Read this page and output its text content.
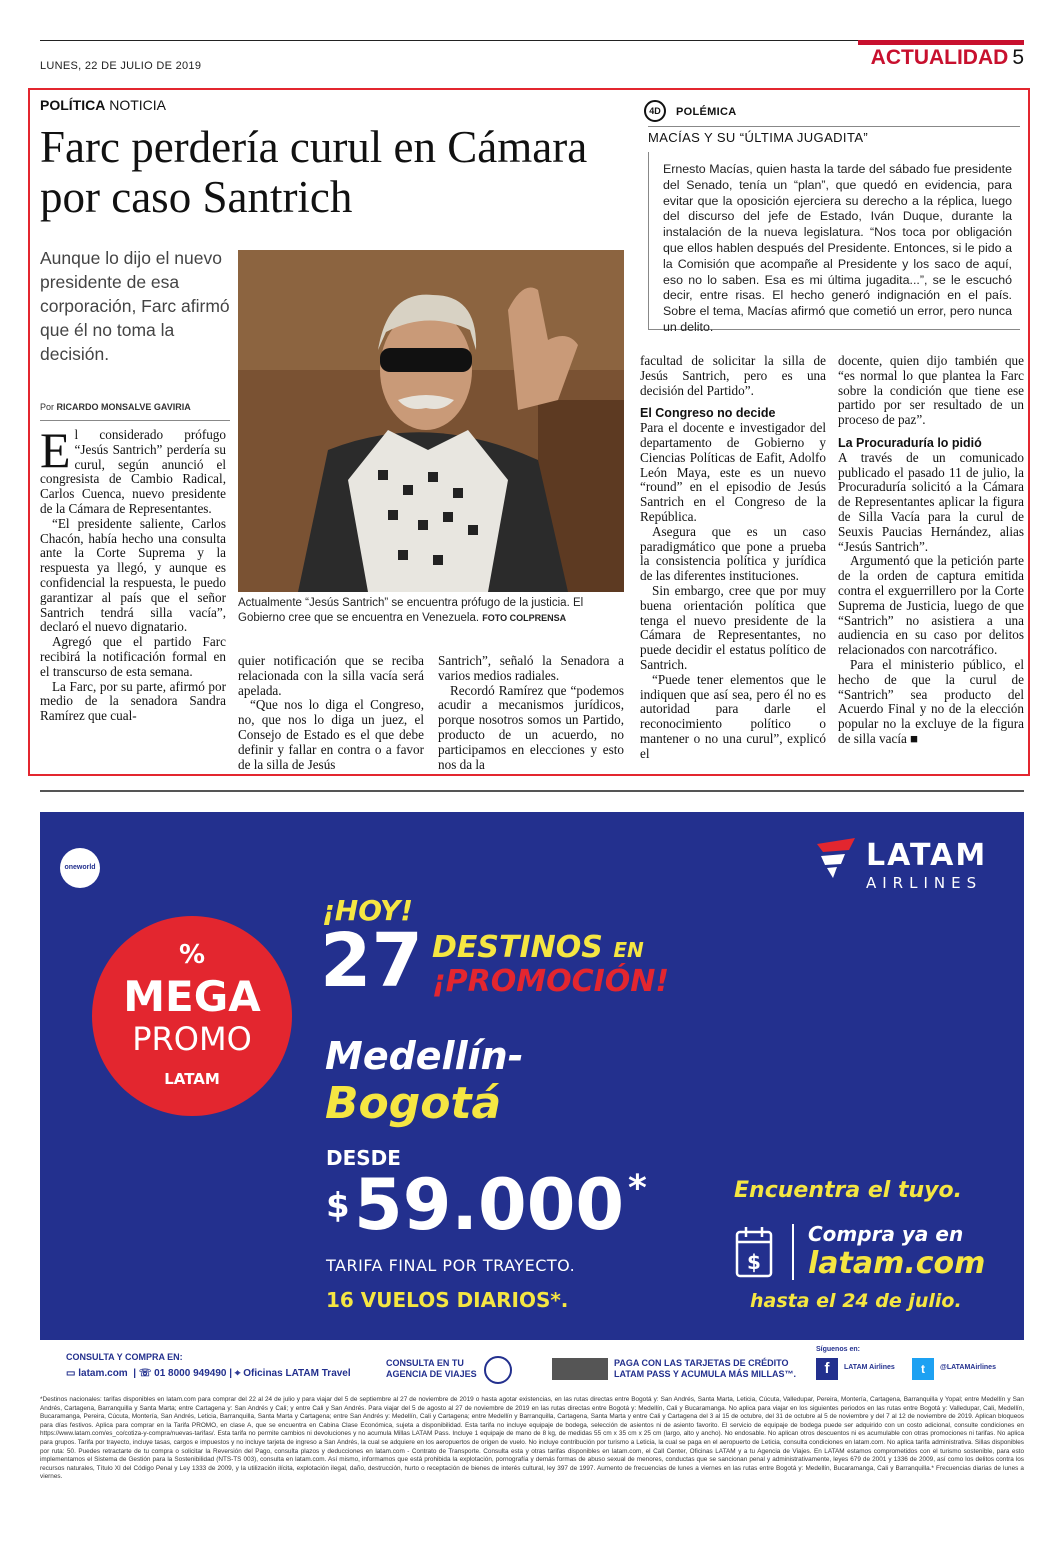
LUNES, 22 DE JULIO DE 2019	ACTUALIDAD 5
POLÍTICA NOTICIA
Farc perdería curul en Cámara por caso Santrich
Aunque lo dijo el nuevo presidente de esa corporación, Farc afirmó que él no toma la decisión.
Por RICARDO MONSALVE GAVIRIA
Actualmente “Jesús Santrich” se encuentra prófugo de la justicia. El Gobierno cree que se encuentra en Venezuela. FOTO COLPRENSA

El considerado prófugo “Jesús Santrich” perdería su curul, según anunció el congresista de Cambio Radical, Carlos Cuenca, nuevo presidente de la Cámara de Representantes.

“El presidente saliente, Carlos Chacón, había hecho una consulta ante la Corte Suprema y la respuesta ya llegó, y aunque es confidencial la respuesta, le puedo garantizar al país que el señor Santrich tendrá silla vacía”, declaró el nuevo dignatario.

Agregó que el partido Farc recibirá la notificación formal en el transcurso de esta semana.

La Farc, por su parte, afirmó por medio de la senadora Sandra Ramírez que cual-

quier notificación que se reciba relacionada con la silla vacía será apelada.

“Que nos lo diga el Congreso, no, que nos lo diga un juez, el Consejo de Estado es el que debe definir y fallar en contra o a favor de la silla de Jesús

Santrich”, señaló la Senadora a varios medios radiales.

Recordó Ramírez que “podemos acudir a mecanismos jurídicos, porque nosotros somos un Partido, producto de un acuerdo, no participamos en elecciones y esto nos da la

facultad de solicitar la silla de Jesús Santrich, pero es una decisión del Partido”.

El Congreso no decide

Para el docente e investigador del departamento de Gobierno y Ciencias Políticas de Eafit, Adolfo León Maya, este es un nuevo “round” en el episodio de Jesús Santrich en el Congreso de la República.

Asegura que es un caso paradigmático que pone a prueba la consistencia política y jurídica de las diferentes instituciones.

Sin embargo, cree que por muy buena orientación política que tenga el nuevo presidente de la Cámara de Representantes, no puede decidir el estatus político de Santrich.

“Puede tener elementos que le indiquen que así sea, pero él no es autoridad para darle el reconocimiento político o mantener o no una curul”, explicó el

docente, quien dijo también que “es normal lo que plantea la Farc sobre la condición que tiene ese partido por ser resultado de un proceso de paz”.

La Procuraduría lo pidió

A través de un comunicado publicado el pasado 11 de julio, la Procuraduría solicitó a la Cámara de Representantes aplicar la figura de Silla Vacía para la curul de Seuxis Paucias Hernández, alias “Jesús Santrich”.

Argumentó que la petición parte de la orden de captura emitida contra el exguerrillero por la Corte Suprema de Justicia, luego de que “Santrich” no asistiera a una audiencia en su caso por delitos relacionados con narcotráfico.

Para el ministerio público, el hecho de que la curul de “Santrich” sea producto del Acuerdo Final y no de la elección popular no la excluye de la figura de silla vacía ■

4D	POLÉMICA
MACÍAS Y SU “ÚLTIMA JUGADITA”
Ernesto Macías, quien hasta la tarde del sábado fue presidente del Senado, tenía un “plan”, que quedó en evidencia, para evitar que la oposición ejerciera su derecho a la réplica, luego del discurso del jefe de Estado, Iván Duque, durante la instalación de la nueva legislatura. “Nos toca por obligación que ellos hablen después del Presidente. Entonces, si le pido a la Comisión que acompañe al Presidente y los saco de aquí, eso no lo saben. Esa es mi última jugadita...”, se le escuchó decir, entre risas. El hecho generó indignación en el país. Sobre el tema, Macías afirmó que cometió un error, pero nunca un delito.
oneworld	LATAM
AIRLINES
%
MEGA
PROMO
LATAM
¡HOY!
27 DESTINOS EN
¡PROMOCIÓN!
Medellín-
Bogotá
DESDE
$ 59.000 *
TARIFA FINAL POR TRAYECTO.
16 VUELOS DIARIOS*.
Encuentra el tuyo.
$
Compra ya en
latam.com
hasta el 24 de julio.
CONSULTA Y COMPRA EN:
▭ latam.com  | ☏ 01 8000 949490 | ⌖ Oficinas LATAM Travel
CONSULTA EN TU
AGENCIA DE VIAJES
PAGA CON LAS TARJETAS DE CRÉDITO
LATAM PASS Y ACUMULA MÁS MILLAS™.
Síguenos en:
f	LATAM Airlines	t	@LATAMAirlines
*Destinos nacionales: tarifas disponibles en latam.com para comprar del 22 al 24 de julio y para viajar del 5 de septiembre al 27 de noviembre de 2019 o hasta agotar existencias, en las rutas directas entre Bogotá y: San Andrés, Santa Marta, Leticia, Cúcuta, Valledupar, Pereira, Montería, Cartagena, Barranquilla y Yopal; entre Medellín y San Andrés, Cartagena, Barranquilla y Santa Marta; entre Cartagena y: San Andrés y Cali; y entre Cali y San Andrés. Para viajar del 5 de agosto al 27 de noviembre de 2019 en las rutas directas entre Bogotá y: Medellín, Cali y Bucaramanga. No aplica para viajar en los siguientes periodos en las rutas entre Bogotá y: Valledupar, Cali, Medellín, Bucaramanga, Pereira, Cúcuta, Montería, San Andrés, Leticia, Barranquilla, Santa Marta y Cartagena; entre San Andrés y: Medellín, Cali y Cartagena; entre Medellín y Barranquilla, Cartagena, Santa Marta y entre Cali y Cartagena del 3 al 15 de octubre, del 31 de octubre al 5 de noviembre y del 7 al 12 de noviembre de 2019. Aplican bloqueos para días festivos. Aplica para comprar en la Tarifa PROMO, en clase A, que se encuentra en Cabina Clase Económica, sujeta a disponibilidad. Esta tarifa no incluye equipaje de bodega, selección de asientos ni de asiento favorito. El servicio de equipaje de bodega puede ser adquirido con un costo adicional, consulte condiciones en https://www.latam.com/es_co/cotiza-y-compra/nuevas-tarifas/. Esta tarifa no permite cambios ni devoluciones y no acumula Millas LATAM Pass. Incluye 1 equipaje de mano de 8 kg, de medidas 55 cm x 35 cm x 25 cm (largo, alto y ancho). No endosable. No aplican otros descuentos ni es acumulable con otras promociones ni tarifas. No aplica para grupos. Tarifa por trayecto, incluye tasas, cargos e impuestos y no incluye tarjeta de ingreso a San Andrés, la cual se adquiere en los aeropuertos de origen de vuelo. No incluye contribución por turismo a Leticia, la cual se paga en el aeropuerto de Leticia, consulta condiciones en latam.com. No aplica tarifa administrativa. Sillas disponibles por ruta: 50. Puedes retractarte de tu compra o solicitar la Reversión del Pago, consulta plazos y deducciones en latam.com - Contrato de Transporte. Consulta esta y otras tarifas disponibles en latam.com, el Call Center, Oficinas LATAM y a tu Agencia de Viajes. En LATAM estamos comprometidos con el turismo sostenible, para esto implementamos el Sistema de Gestión para la Sostenibilidad (NTS-TS 003), consulta en latam.com. Así mismo, informamos que está prohibida la explotación, pornografía y demás formas de abuso sexual de menores, conductas que se sancionan penal y administrativamente, leyes 679 de 2001 y 1336 de 2009, así como los delitos contra los recursos naturales, Título XI del Código Penal y Ley 1333 de 2009, y la utilización ilícita, explotación ilegal, daño, destrucción, hurto o receptación de bienes de interés cultural, ley 397 de 1997. Aumento de frecuencias de lunes a viernes en las rutas entre Bogotá y: Medellín, Bucaramanga, Cali y Barranquilla.* Frecuencias diarias de lunes a viernes.
